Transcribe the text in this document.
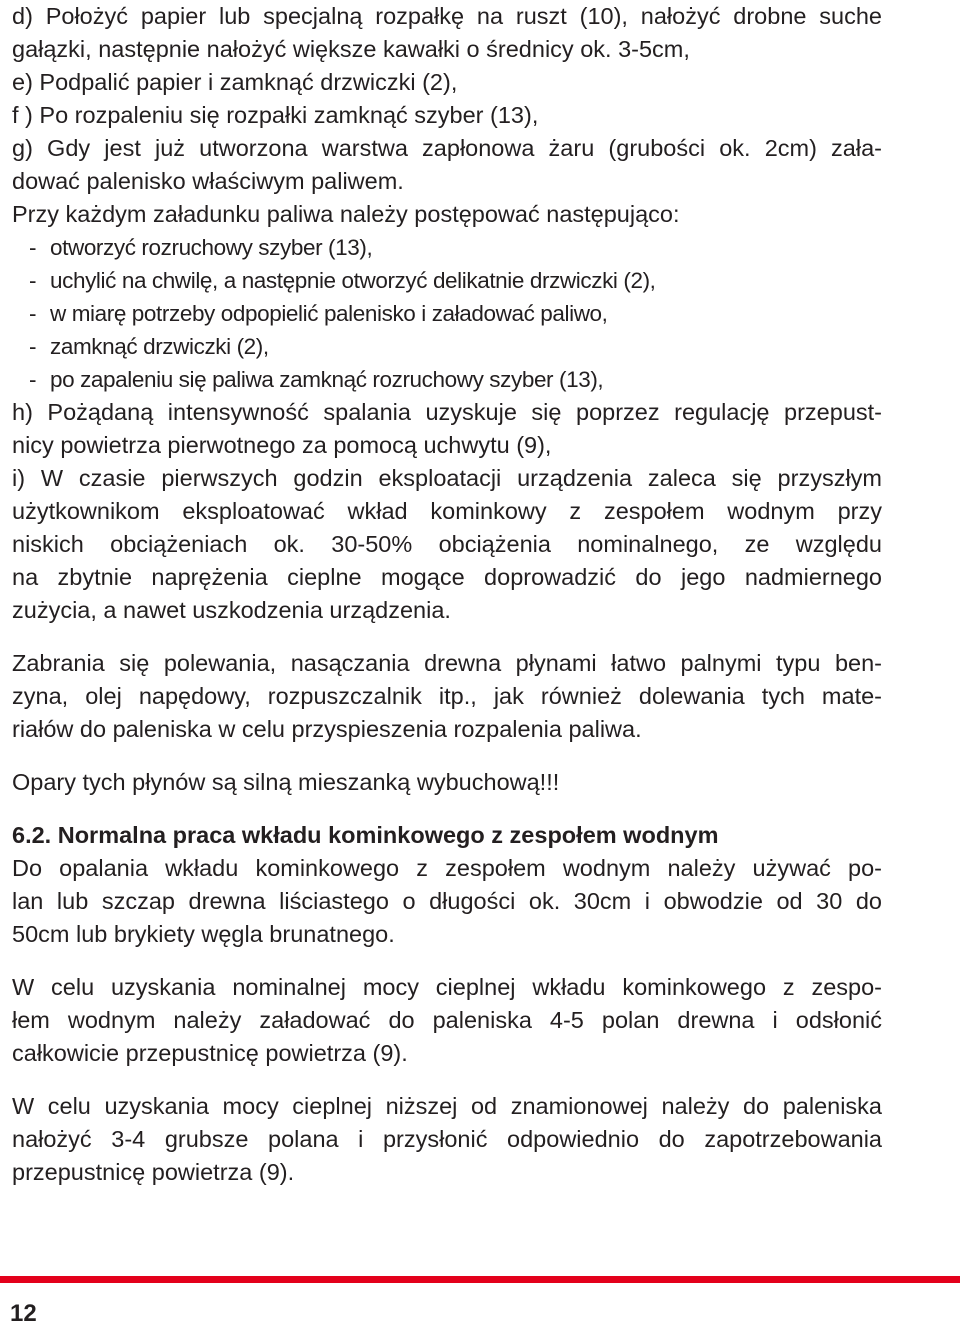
d) Położyć papier lub specjalną rozpałkę na ruszt (10), nałożyć drobne suche
gałązki, następnie nałożyć większe kawałki o średnicy ok. 3-5cm,
e) Podpalić papier i zamknąć drzwiczki (2),
f ) Po rozpaleniu się rozpałki zamknąć szyber (13),
g) Gdy jest już utworzona warstwa zapłonowa żaru (grubości ok. 2cm) zała-
dować palenisko właściwym paliwem.
Przy każdym załadunku paliwa należy postępować następująco:
- otworzyć rozruchowy szyber (13),
- uchylić na chwilę, a następnie otworzyć delikatnie drzwiczki (2),
- w miarę potrzeby odpopielić palenisko i załadować paliwo,
- zamknąć drzwiczki (2),
- po zapaleniu się paliwa zamknąć rozruchowy szyber (13),
h) Pożądaną intensywność spalania uzyskuje się poprzez regulację przepust-
nicy powietrza pierwotnego za pomocą uchwytu (9),
i) W czasie pierwszych godzin eksploatacji urządzenia zaleca się przyszłym
użytkownikom eksploatować wkład kominkowy z zespołem wodnym przy
niskich obciążeniach ok. 30-50% obciążenia nominalnego, ze względu
na zbytnie naprężenia cieplne mogące doprowadzić do jego nadmiernego
zużycia, a nawet uszkodzenia urządzenia.
Zabrania się polewania, nasączania drewna płynami łatwo palnymi typu ben-
zyna, olej napędowy, rozpuszczalnik itp., jak również dolewania tych mate-
riałów do paleniska w celu przyspieszenia rozpalenia paliwa.
Opary tych płynów są silną mieszanką wybuchową!!!
6.2. Normalna praca wkładu kominkowego z zespołem wodnym
Do opalania wkładu kominkowego z zespołem wodnym należy używać po-
lan lub szczap drewna liściastego o długości ok. 30cm i obwodzie od 30 do
50cm lub brykiety węgla brunatnego.
W celu uzyskania nominalnej mocy cieplnej wkładu kominkowego z zespo-
łem wodnym należy załadować do paleniska 4-5 polan drewna i odsłonić
całkowicie przepustnicę powietrza (9).
W celu uzyskania mocy cieplnej niższej od znamionowej należy do paleniska
nałożyć 3-4 grubsze polana i przysłonić odpowiednio do zapotrzebowania
przepustnicę powietrza (9).
12
